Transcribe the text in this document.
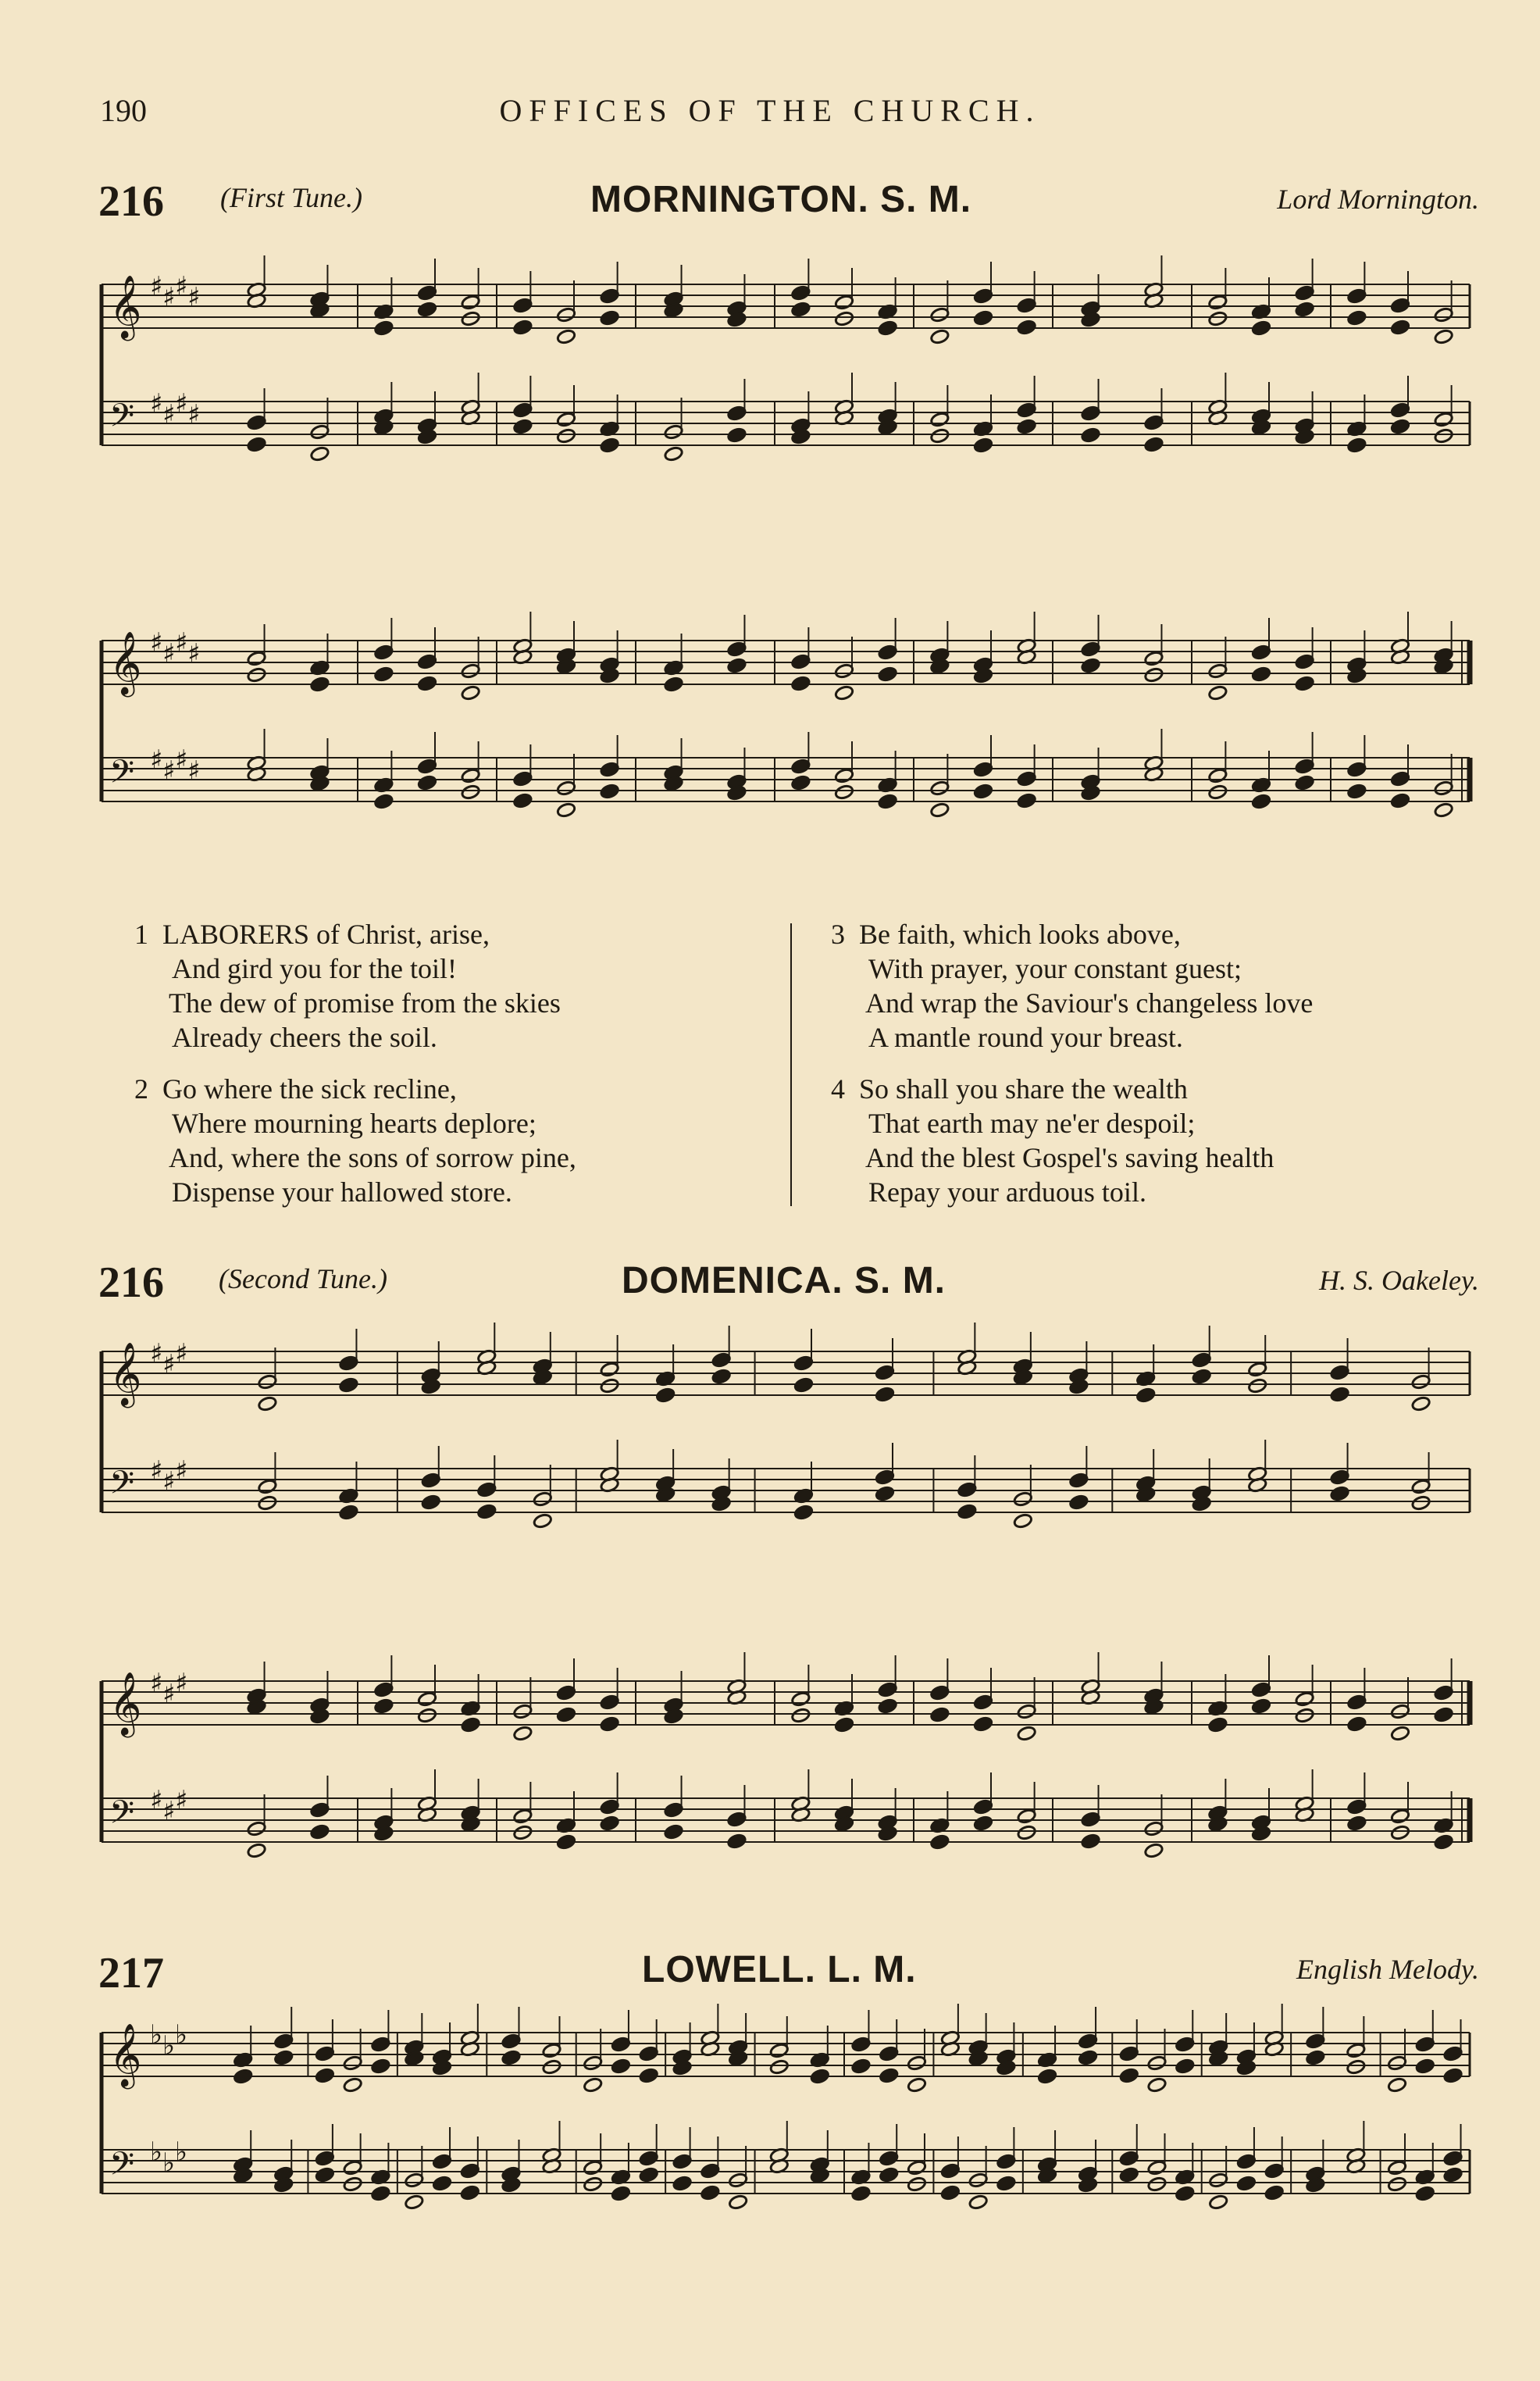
190	OFFICES OF THE CHURCH.
216 (First Tune.)	MORNINGTON. S. M.	Lord Mornington.
𝄞 ♯ ♯ ♯ ♯
𝄢 ♯ ♯ ♯ ♯
𝄞 ♯ ♯ ♯ ♯
𝄢 ♯ ♯ ♯ ♯
1 LABORERS of Christ, arise,
And gird you for the toil!
The dew of promise from the skies
Already cheers the soil.
2 Go where the sick recline,
Where mourning hearts deplore;
And, where the sons of sorrow pine,
Dispense your hallowed store.
3 Be faith, which looks above,
With prayer, your constant guest;
And wrap the Saviour's changeless love
A mantle round your breast.
4 So shall you share the wealth
That earth may ne'er despoil;
And the blest Gospel's saving health
Repay your arduous toil.
216 (Second Tune.)	DOMENICA. S. M.	H. S. Oakeley.
𝄞 ♯ ♯ ♯
𝄢 ♯ ♯ ♯
𝄞 ♯ ♯ ♯
𝄢 ♯ ♯ ♯
217	LOWELL. L. M.	English Melody.
𝄞 ♭ ♭ ♭
𝄢 ♭ ♭ ♭
